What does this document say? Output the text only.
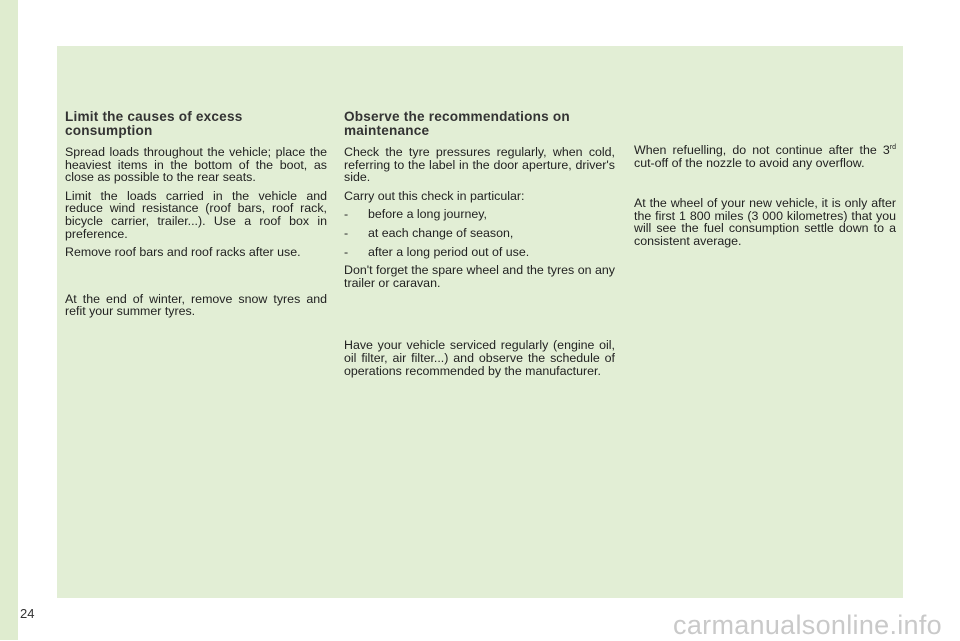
Limit the causes of excess consumption

Spread loads throughout the vehicle; place the heaviest items in the bottom of the boot, as close as possible to the rear seats.

Limit the loads carried in the vehicle and reduce wind resistance (roof bars, roof rack, bicycle carrier, trailer...). Use a roof box in preference.

Remove roof bars and roof racks after use.

At the end of winter, remove snow tyres and refit your summer tyres.

Observe the recommendations on maintenance

Check the tyre pressures regularly, when cold, referring to the label in the door aperture, driver's side.

Carry out this check in particular:

-	before a long journey,
-	at each change of season,
-	after a long period out of use.

Don't forget the spare wheel and the tyres on any trailer or caravan.

Have your vehicle serviced regularly (engine oil, oil filter, air filter...) and observe the schedule of operations recommended by the manufacturer.

When refuelling, do not continue after the 3rd cut-off of the nozzle to avoid any overflow.

At the wheel of your new vehicle, it is only after the first 1 800 miles (3 000 kilometres) that you will see the fuel consumption settle down to a consistent average.

24	carmanualsonline.info
